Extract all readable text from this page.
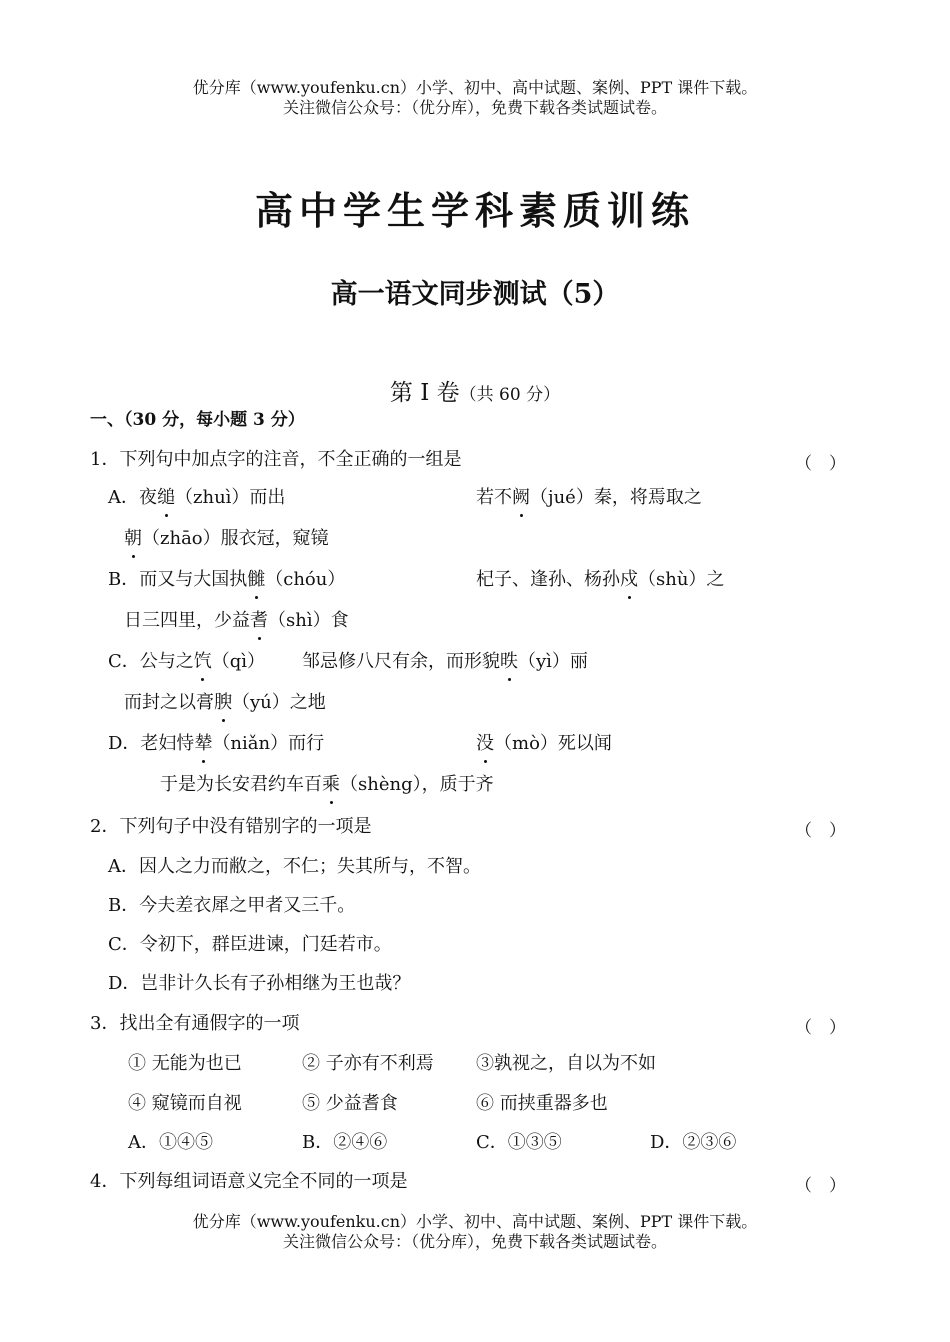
优分库（www.youfenku.cn）小学、初中、高中试题、案例、PPT 课件下载。
关注微信公众号：（优分库），免费下载各类试题试卷。
高中学生学科素质训练
高一语文同步测试（5）
第 I 卷（共 60 分）
一、（30 分，每小题 3 分）
1．下列句中加点字的注音，不全正确的一组是	（　）
A．夜缒（zhuì）而出	若不阙（jué）秦，将焉取之
朝（zhāo）服衣冠，窥镜
B．而又与大国执雠（chóu）	杞子、逢孙、杨孙戍（shù）之
日三四里，少益耆（shì）食
C．公与之饩（qì） 邹忌修八尺有余，而形貌昳（yì）丽
而封之以膏腴（yú）之地
D．老妇恃辇（niǎn）而行	没（mò）死以闻
于是为长安君约车百乘（shèng），质于齐
2．下列句子中没有错别字的一项是	（　）
A．因人之力而敝之，不仁；失其所与，不智。
B．今夫差衣犀之甲者又三千。
C．令初下，群臣进谏，门廷若市。
D．岂非计久长有子孙相继为王也哉？
3．找出全有通假字的一项	（　）
① 无能为也已	② 子亦有不利焉 ③孰视之，自以为不如
④ 窥镜而自视	⑤ 少益耆食	⑥ 而挟重器多也
A．①④⑤	B．②④⑥	C．①③⑤	D．②③⑥
4．下列每组词语意义完全不同的一项是	（　）
优分库（www.youfenku.cn）小学、初中、高中试题、案例、PPT 课件下载。
关注微信公众号：（优分库），免费下载各类试题试卷。
